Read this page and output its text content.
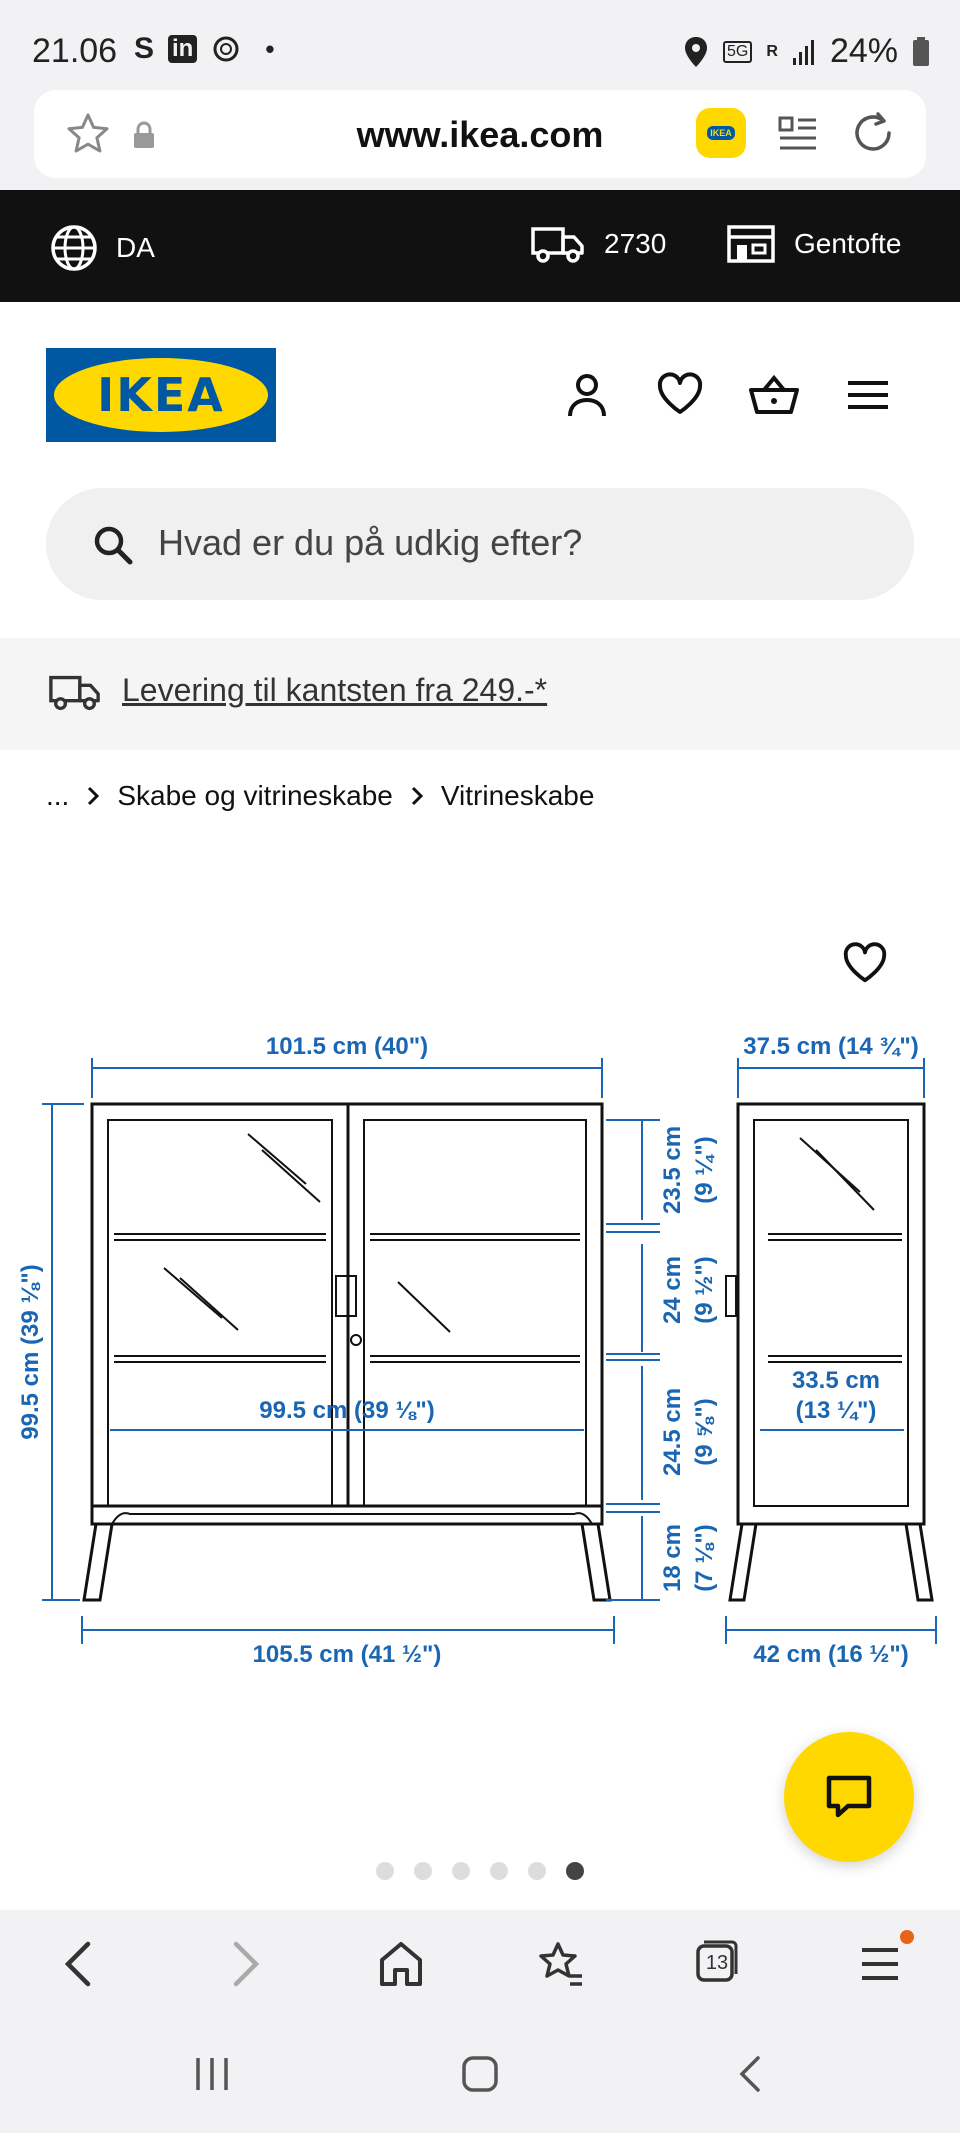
21.06 S in	•	5G R 24%
www.ikea.com	IKEA
DA	2730	Gentofte
IKEA
Hvad er du på udkig efter?
Levering til kantsten fra 249.-*
... Skabe og vitrineskabe Vitrineskabe
101.5 cm (40")
99.5 cm (39 ⅛")	99.5 cm (39 ⅛")
105.5 cm (41 ½")
23.5 cm (9 ¼")
24 cm (9 ½")
24.5 cm (9 ⅝")
18 cm (7 ⅛")
37.5 cm (14 ¾")
33.5 cm
(13 ¼")
42 cm (16 ½")
13
